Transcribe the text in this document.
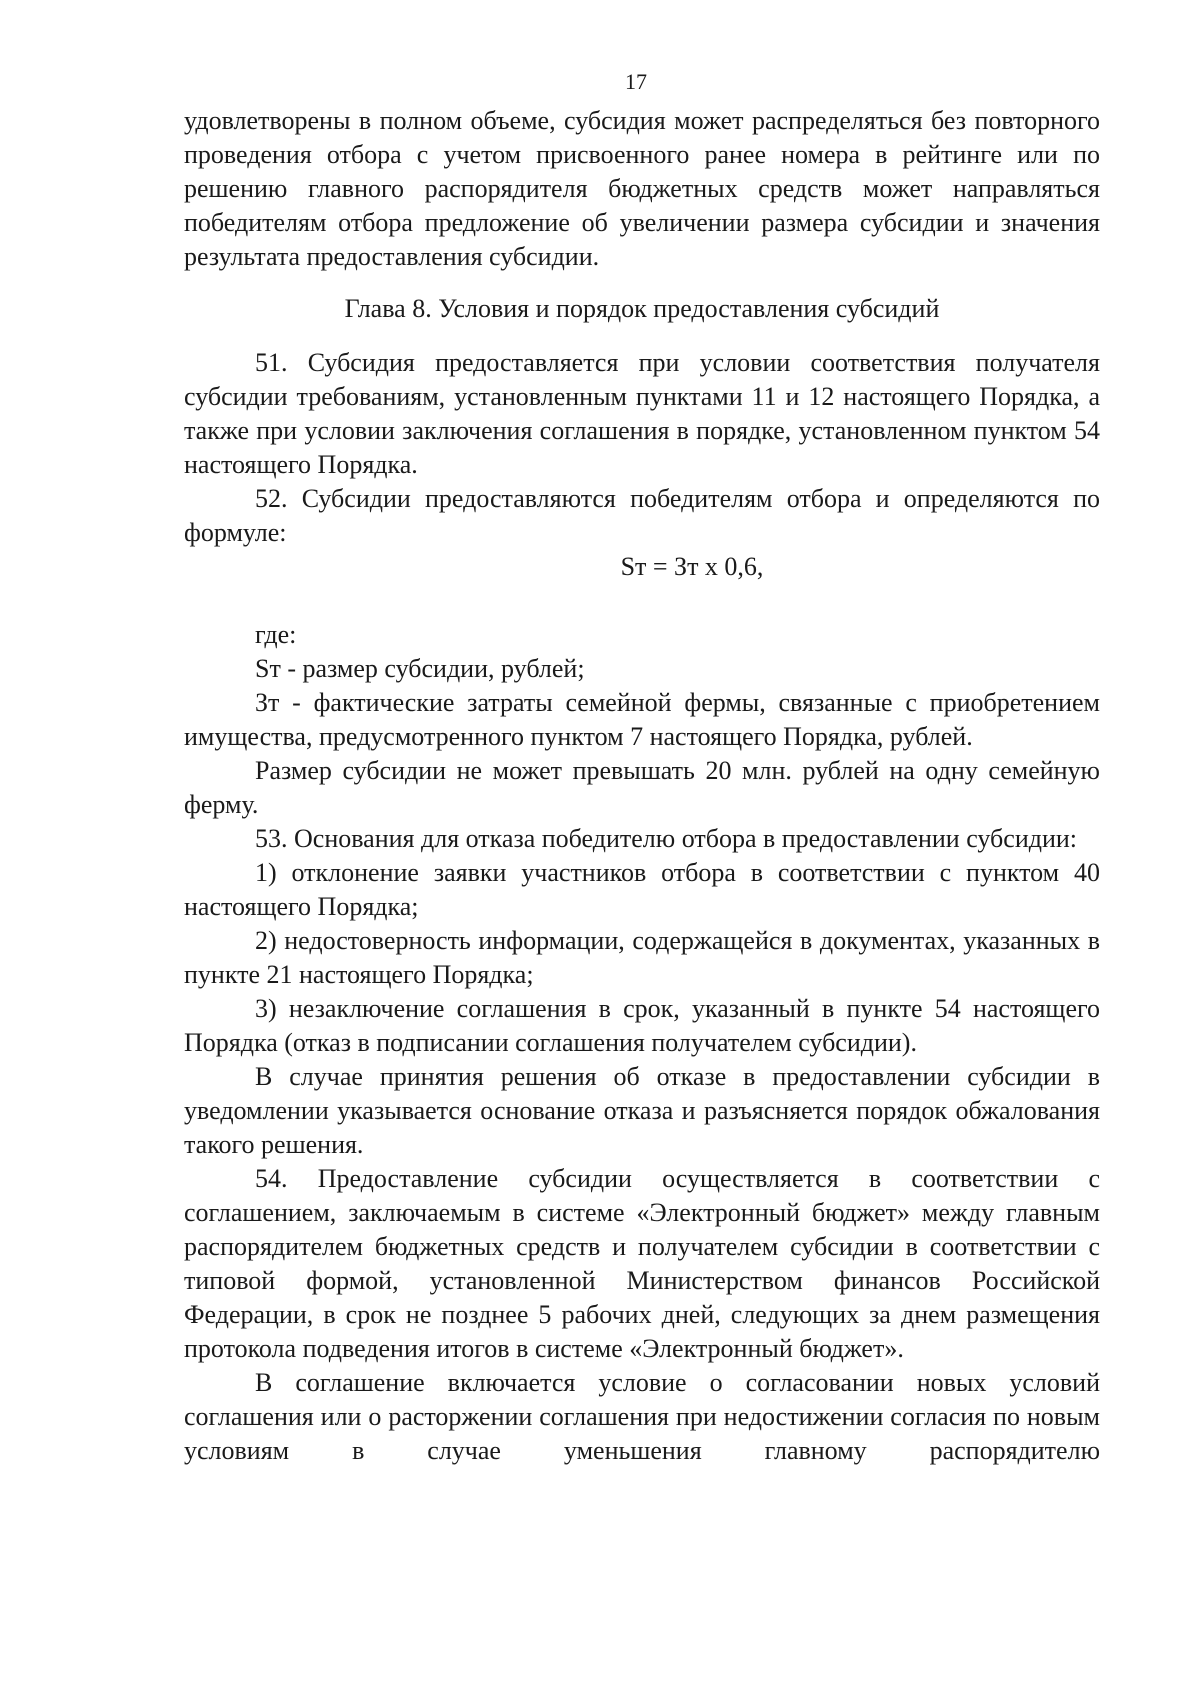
17

удовлетворены в полном объеме, субсидия может распределяться без повторного проведения отбора с учетом присвоенного ранее номера в рейтинге или по решению главного распорядителя бюджетных средств может направляться победителям отбора предложение об увеличении размера субсидии и значения результата предоставления субсидии.

Глава 8. Условия и порядок предоставления субсидий

51. Субсидия предоставляется при условии соответствия получателя субсидии требованиям, установленным пунктами 11 и 12 настоящего Порядка, а также при условии заключения соглашения в порядке, установленном пунктом 54 настоящего Порядка.

52. Субсидии предоставляются победителям отбора и определяются по формуле:

Sт = Зт х 0,6,

где:

Sт - размер субсидии, рублей;

Зт - фактические затраты семейной фермы, связанные с приобретением имущества, предусмотренного пунктом 7 настоящего Порядка, рублей.

Размер субсидии не может превышать 20 млн. рублей на одну семейную ферму.

53. Основания для отказа победителю отбора в предоставлении субсидии:

1) отклонение заявки участников отбора в соответствии с пунктом 40 настоящего Порядка;

2) недостоверность информации, содержащейся в документах, указанных в пункте 21 настоящего Порядка;

3) незаключение соглашения в срок, указанный в пункте 54 настоящего Порядка (отказ в подписании соглашения получателем субсидии).

В случае принятия решения об отказе в предоставлении субсидии в уведомлении указывается основание отказа и разъясняется порядок обжалования такого решения.

54. Предоставление субсидии осуществляется в соответствии с соглашением, заключаемым в системе «Электронный бюджет» между главным распорядителем бюджетных средств и получателем субсидии в соответствии с типовой формой, установленной Министерством финансов Российской Федерации, в срок не позднее 5 рабочих дней, следующих за днем размещения протокола подведения итогов в системе «Электронный бюджет».

В соглашение включается условие о согласовании новых условий соглашения или о расторжении соглашения при недостижении согласия по новым условиям в случае уменьшения главному распорядителю
